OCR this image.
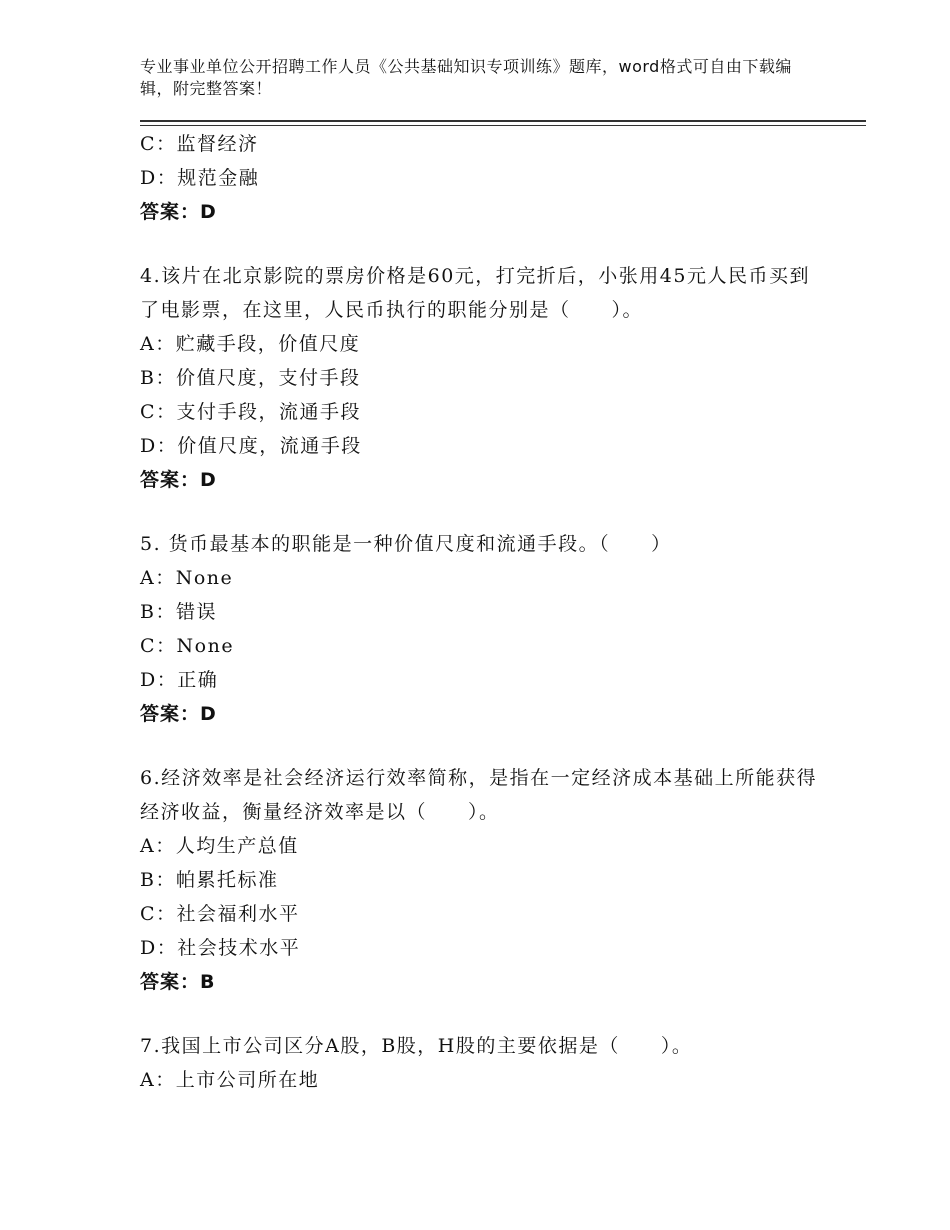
专业事业单位公开招聘工作人员《公共基础知识专项训练》题库，word格式可自由下载编辑，附完整答案！
C：监督经济
D：规范金融
答案：D
4.该片在北京影院的票房价格是60元，打完折后，小张用45元人民币买到了电影票，在这里，人民币执行的职能分别是（　　）。
A：贮藏手段，价值尺度
B：价值尺度，支付手段
C：支付手段，流通手段
D：价值尺度，流通手段
答案：D
5. 货币最基本的职能是一种价值尺度和流通手段。（　　）
A：None
B：错误
C：None
D：正确
答案：D
6.经济效率是社会经济运行效率简称，是指在一定经济成本基础上所能获得经济收益，衡量经济效率是以（　　）。
A：人均生产总值
B：帕累托标准
C：社会福利水平
D：社会技术水平
答案：B
7.我国上市公司区分A股，B股，H股的主要依据是（　　）。
A：上市公司所在地
